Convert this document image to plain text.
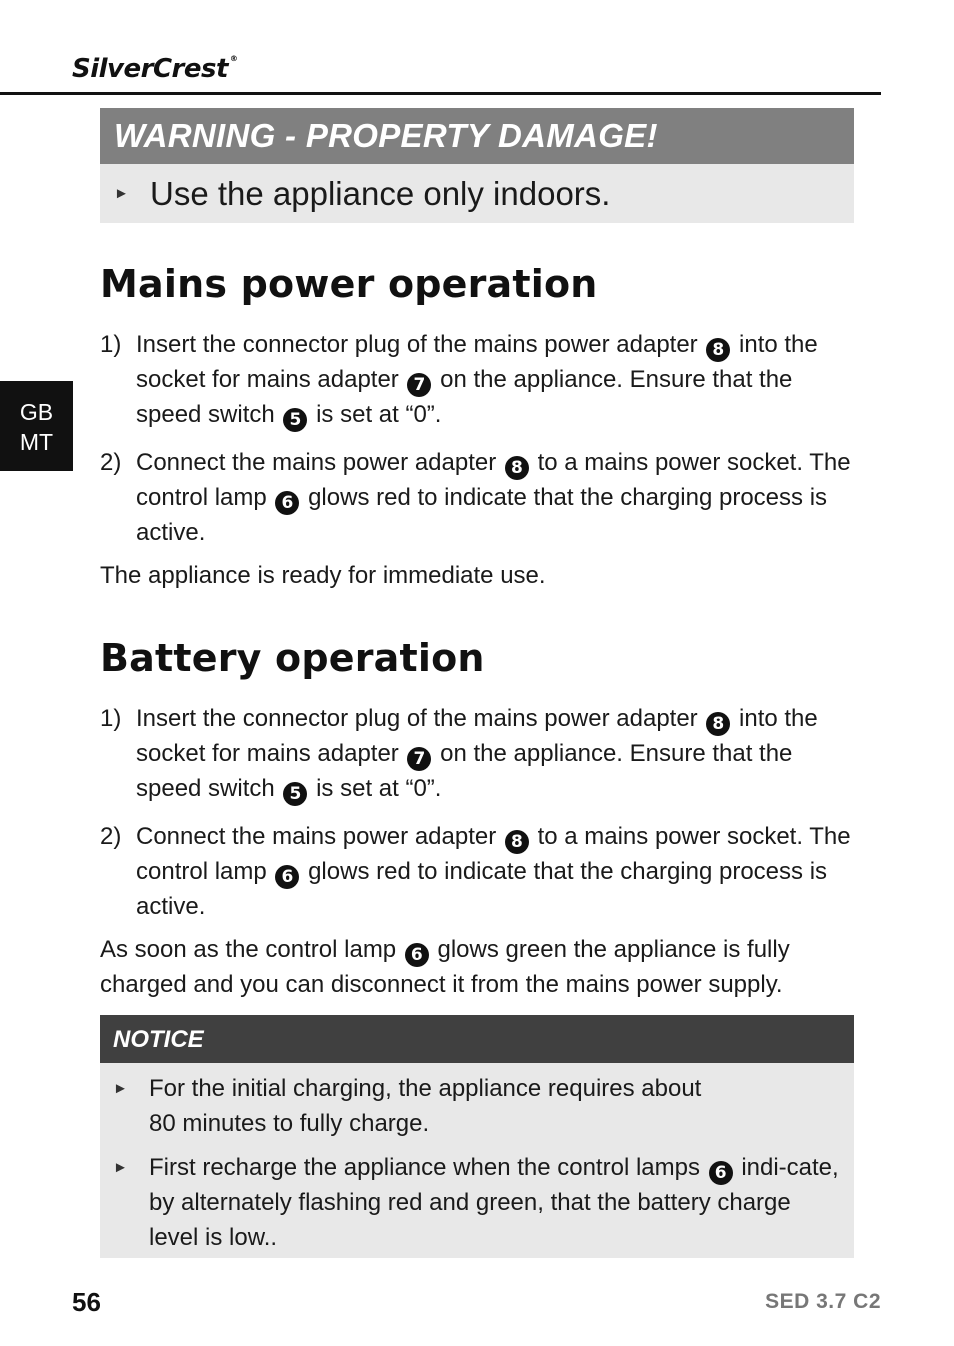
SilverCrest ®
GB
MT
WARNING - PROPERTY DAMAGE!
► Use the appliance only indoors.
Mains power operation
1) Insert the connector plug of the mains power adapter 8 into the socket for mains adapter 7 on the appliance. Ensure that the speed switch 5 is set at “0”.
2) Connect the mains power adapter 8 to a mains power socket. The control lamp 6 glows red to indicate that the charging process is active.
The appliance is ready for immediate use.
Battery operation
1) Insert the connector plug of the mains power adapter 8 into the socket for mains adapter 7 on the appliance. Ensure that the speed switch 5 is set at “0”.
2) Connect the mains power adapter 8 to a mains power socket. The control lamp 6 glows red to indicate that the charging process is active.
As soon as the control lamp 6 glows green the appliance is fully charged and you can disconnect it from the mains power supply.
NOTICE
► For the initial charging, the appliance requires about
80 minutes to fully charge.
► First recharge the appliance when the control lamps 6 indi-cate, by alternately flashing red and green, that the battery charge level is low..
56	SED 3.7 C2
